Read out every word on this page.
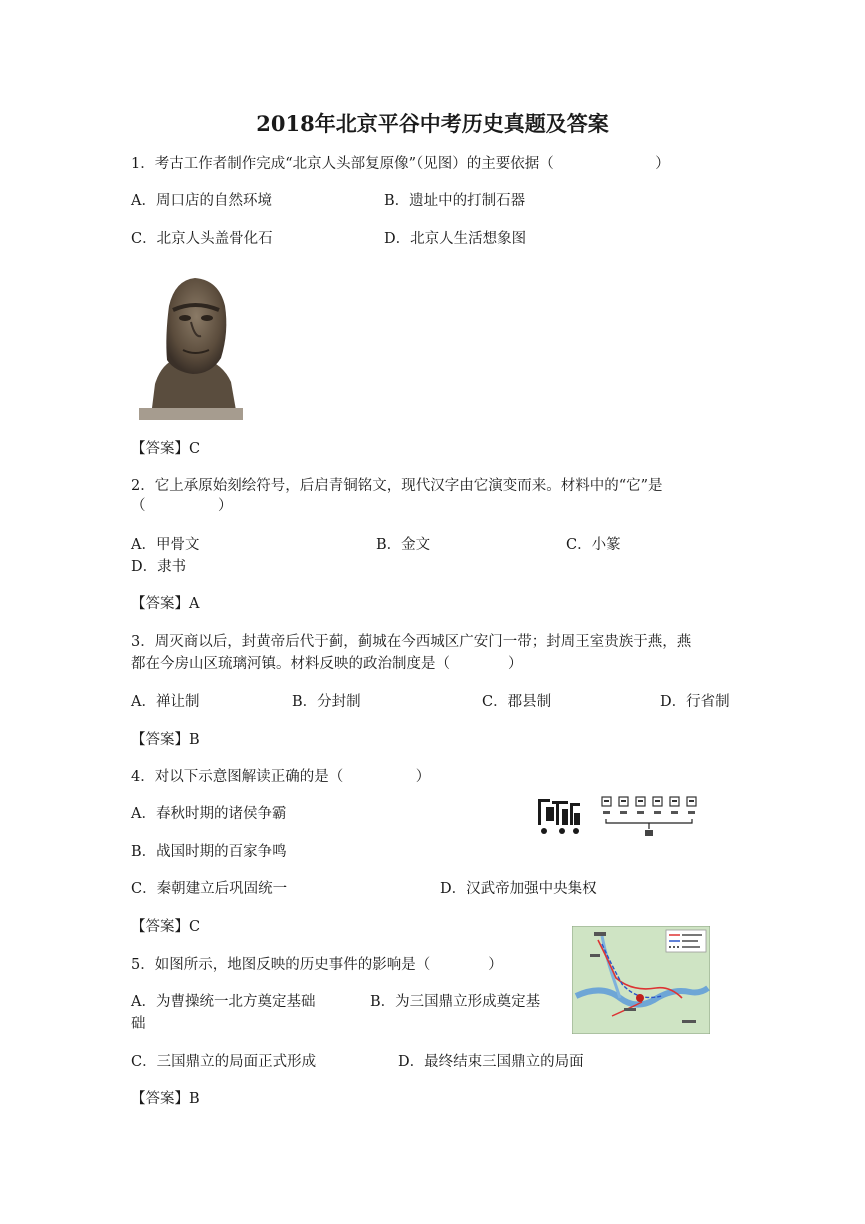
2018年北京平谷中考历史真题及答案
1．考古工作者制作完成“北京人头部复原像”（见图）的主要依据（　　　　　　　）
A．周口店的自然环境	B．遗址中的打制石器
C．北京人头盖骨化石	D．北京人生活想象图
【答案】C
2．它上承原始刻绘符号，后启青铜铭文，现代汉字由它演变而来。材料中的“它”是
（　　　　　）
A．甲骨文	B．金文	C．小篆
D．隶书
【答案】A
3．周灭商以后，封黄帝后代于蓟，蓟城在今西城区广安门一带；封周王室贵族于燕，燕
都在今房山区琉璃河镇。材料反映的政治制度是（　　　　）
A．禅让制	B．分封制	C．郡县制	D．行省制
【答案】B
4．对以下示意图解读正确的是（　　　　　）
A．春秋时期的诸侯争霸
B．战国时期的百家争鸣
C．秦朝建立后巩固统一	D．汉武帝加强中央集权
【答案】C
5．如图所示，地图反映的历史事件的影响是（　　　　）
A．为曹操统一北方奠定基础	B．为三国鼎立形成奠定基
础
C．三国鼎立的局面正式形成	D．最终结束三国鼎立的局面
【答案】B
